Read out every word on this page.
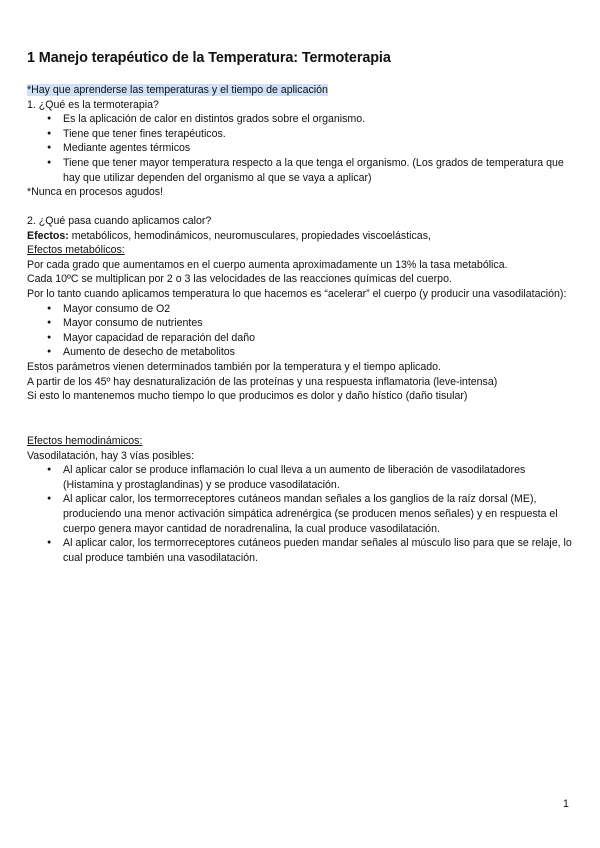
1 Manejo terapéutico de la Temperatura: Termoterapia

*Hay que aprenderse las temperaturas y el tiempo de aplicación

1. ¿Qué es la termoterapia?

● Es la aplicación de calor en distintos grados sobre el organismo.
● Tiene que tener fines terapéuticos.
● Mediante agentes térmicos
● Tiene que tener mayor temperatura respecto a la que tenga el organismo. (Los grados de temperatura que hay que utilizar dependen del organismo al que se vaya a aplicar)

*Nunca en procesos agudos!

2. ¿Qué pasa cuando aplicamos calor?

Efectos: metabólicos, hemodinámicos, neuromusculares, propiedades viscoelásticas,

Efectos metabólicos:

Por cada grado que aumentamos en el cuerpo aumenta aproximadamente un 13% la tasa metabólica.

Cada 10ºC se multiplican por 2 o 3 las velocidades de las reacciones químicas del cuerpo.

Por lo tanto cuando aplicamos temperatura lo que hacemos es “acelerar” el cuerpo (y producir una vasodilatación):

● Mayor consumo de O2
● Mayor consumo de nutrientes
● Mayor capacidad de reparación del daño
● Aumento de desecho de metabolitos

Estos parámetros vienen determinados también por la temperatura y el tiempo aplicado.

A partir de los 45º hay desnaturalización de las proteínas y una respuesta inflamatoria (leve-intensa)

Si esto lo mantenemos mucho tiempo lo que producimos es dolor y daño hístico (daño tisular)

Efectos hemodinámicos:

Vasodilatación, hay 3 vías posibles:

● Al aplicar calor se produce inflamación lo cual lleva a un aumento de liberación de vasodilatadores (Histamina y prostaglandinas) y se produce vasodilatación.
● Al aplicar calor, los termorreceptores cutáneos mandan señales a los ganglios de la raíz dorsal (ME), produciendo una menor activación simpática adrenérgica (se producen menos señales) y en respuesta el cuerpo genera mayor cantidad de noradrenalina, la cual produce vasodilatación.
● Al aplicar calor, los termorreceptores cutáneos pueden mandar señales al músculo liso para que se relaje, lo cual produce también una vasodilatación.
1
